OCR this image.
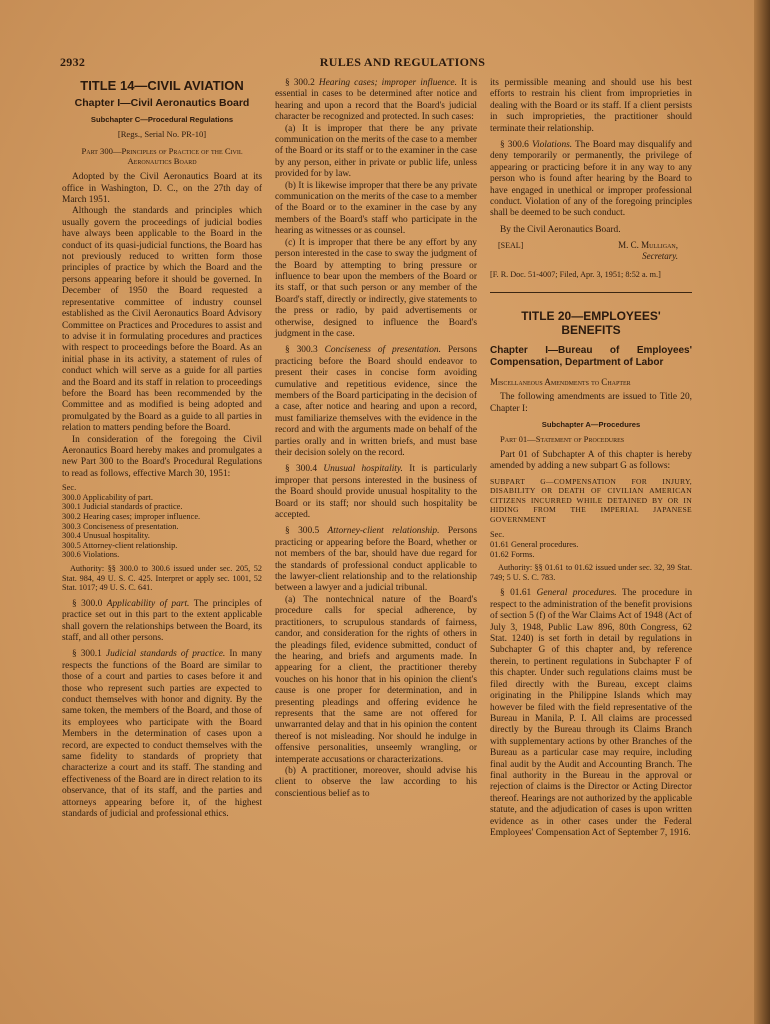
2932	RULES AND REGULATIONS
TITLE 14—CIVIL AVIATION
Chapter I—Civil Aeronautics Board
Subchapter C—Procedural Regulations
[Regs., Serial No. PR-10]
Part 300—Principles of Practice of the Civil Aeronautics Board

Adopted by the Civil Aeronautics Board at its office in Washington, D. C., on the 27th day of March 1951.

Although the standards and principles which usually govern the proceedings of judicial bodies have always been applicable to the Board in the conduct of its quasi-judicial functions, the Board has not previously reduced to written form those principles of practice by which the Board and the persons appearing before it should be governed. In December of 1950 the Board requested a representative committee of industry counsel established as the Civil Aeronautics Board Advisory Committee on Practices and Procedures to assist and to advise it in formulating procedures and practices with respect to proceedings before the Board. As an initial phase in its activity, a statement of rules of conduct which will serve as a guide for all parties and the Board and its staff in relation to proceedings before the Board has been recommended by the Committee and as modified is being adopted and promulgated by the Board as a guide to all parties in relation to matters pending before the Board.

In consideration of the foregoing the Civil Aeronautics Board hereby makes and promulgates a new Part 300 to the Board's Procedural Regulations to read as follows, effective March 30, 1951:

Sec.
300.0 Applicability of part.
300.1 Judicial standards of practice.
300.2 Hearing cases; improper influence.
300.3 Conciseness of presentation.
300.4 Unusual hospitality.
300.5 Attorney-client relationship.
300.6 Violations.

Authority: §§ 300.0 to 300.6 issued under sec. 205, 52 Stat. 984, 49 U. S. C. 425. Interpret or apply sec. 1001, 52 Stat. 1017; 49 U. S. C. 641.

§ 300.0 Applicability of part. The principles of practice set out in this part to the extent applicable shall govern the relationships between the Board, its staff, and all other persons.

§ 300.1 Judicial standards of practice. In many respects the functions of the Board are similar to those of a court and parties to cases before it and those who represent such parties are expected to conduct themselves with honor and dignity. By the same token, the members of the Board, and those of its employees who participate with the Board Members in the determination of cases upon a record, are expected to conduct themselves with the same fidelity to standards of propriety that characterize a court and its staff. The standing and effectiveness of the Board are in direct relation to its observance, that of its staff, and the parties and attorneys appearing before it, of the highest standards of judicial and professional ethics.

§ 300.2 Hearing cases; improper influence. It is essential in cases to be determined after notice and hearing and upon a record that the Board's judicial character be recognized and protected. In such cases:

(a) It is improper that there be any private communication on the merits of the case to a member of the Board or its staff or to the examiner in the case by any person, either in private or public life, unless provided for by law.

(b) It is likewise improper that there be any private communication on the merits of the case to a member of the Board or to the examiner in the case by any members of the Board's staff who participate in the hearing as witnesses or as counsel.

(c) It is improper that there be any effort by any person interested in the case to sway the judgment of the Board by attempting to bring pressure or influence to bear upon the members of the Board or its staff, or that such person or any member of the Board's staff, directly or indirectly, give statements to the press or radio, by paid advertisements or otherwise, designed to influence the Board's judgment in the case.

§ 300.3 Conciseness of presentation. Persons practicing before the Board should endeavor to present their cases in concise form avoiding cumulative and repetitious evidence, since the members of the Board participating in the decision of a case, after notice and hearing and upon a record, must familiarize themselves with the evidence in the record and with the arguments made on behalf of the parties orally and in written briefs, and must base their decision solely on the record.

§ 300.4 Unusual hospitality. It is particularly improper that persons interested in the business of the Board should provide unusual hospitality to the Board or its staff; nor should such hospitality be accepted.

§ 300.5 Attorney-client relationship. Persons practicing or appearing before the Board, whether or not members of the bar, should have due regard for the standards of professional conduct applicable to the lawyer-client relationship and to the relationship between a lawyer and a judicial tribunal.

(a) The nontechnical nature of the Board's procedure calls for special adherence, by practitioners, to scrupulous standards of fairness, candor, and consideration for the rights of others in the pleadings filed, evidence submitted, conduct of the hearing, and briefs and arguments made. In appearing for a client, the practitioner thereby vouches on his honor that in his opinion the client's cause is one proper for determination, and in presenting pleadings and offering evidence he represents that the same are not offered for unwarranted delay and that in his opinion the content thereof is not misleading. Nor should he indulge in offensive personalities, unseemly wrangling, or intemperate accusations or characterizations.

(b) A practitioner, moreover, should advise his client to observe the law according to his conscientious belief as to

its permissible meaning and should use his best efforts to restrain his client from improprieties in dealing with the Board or its staff. If a client persists in such improprieties, the practitioner should terminate their relationship.

§ 300.6 Violations. The Board may disqualify and deny temporarily or permanently, the privilege of appearing or practicing before it in any way to any person who is found after hearing by the Board to have engaged in unethical or improper professional conduct. Violation of any of the foregoing principles shall be deemed to be such conduct.

By the Civil Aeronautics Board.

[SEAL]	M. C. Mulligan,
Secretary.

[F. R. Doc. 51-4007; Filed, Apr. 3, 1951; 8:52 a. m.]

TITLE 20—EMPLOYEES' BENEFITS
Chapter I—Bureau of Employees' Compensation, Department of Labor
Miscellaneous Amendments to Chapter

The following amendments are issued to Title 20, Chapter I:

Subchapter A—Procedures
Part 01—Statement of Procedures

Part 01 of Subchapter A of this chapter is hereby amended by adding a new subpart G as follows:

SUBPART G—COMPENSATION FOR INJURY, DISABILITY OR DEATH OF CIVILIAN AMERICAN CITIZENS INCURRED WHILE DETAINED BY OR IN HIDING FROM THE IMPERIAL JAPANESE GOVERNMENT
Sec.
01.61 General procedures.
01.62 Forms.

Authority: §§ 01.61 to 01.62 issued under sec. 32, 39 Stat. 749; 5 U. S. C. 783.

§ 01.61 General procedures. The procedure in respect to the administration of the benefit provisions of section 5 (f) of the War Claims Act of 1948 (Act of July 3, 1948, Public Law 896, 80th Congress, 62 Stat. 1240) is set forth in detail by regulations in Subchapter G of this chapter and, by reference therein, to pertinent regulations in Subchapter F of this chapter. Under such regulations claims must be filed directly with the Bureau, except claims originating in the Philippine Islands which may however be filed with the field representative of the Bureau in Manila, P. I. All claims are processed directly by the Bureau through its Claims Branch with supplementary actions by other Branches of the Bureau as a particular case may require, including final audit by the Audit and Accounting Branch. The final authority in the Bureau in the approval or rejection of claims is the Director or Acting Director thereof. Hearings are not authorized by the applicable statute, and the adjudication of cases is upon written evidence as in other cases under the Federal Employees' Compensation Act of September 7, 1916.
